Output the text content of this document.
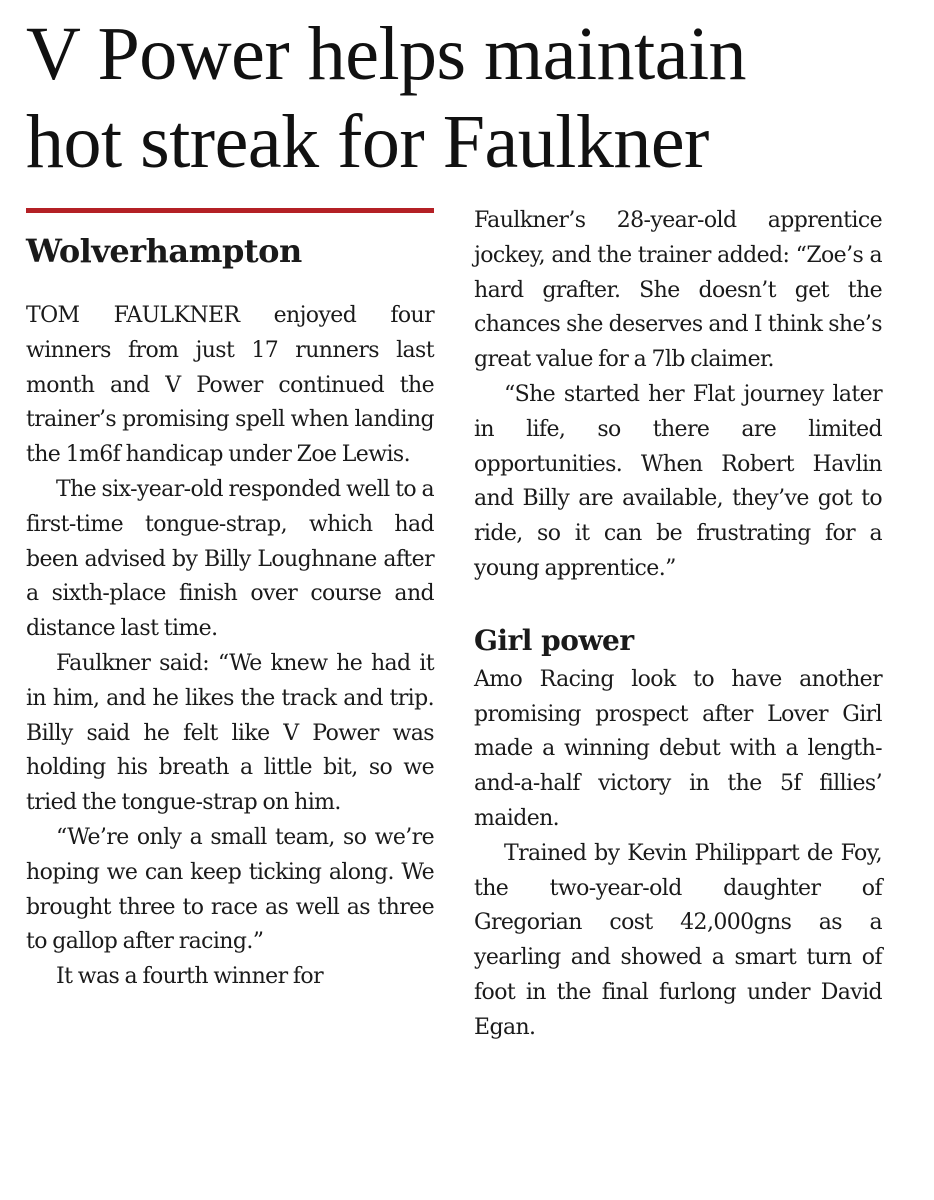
V Power helps maintain
hot streak for Faulkner
Wolverhampton

TOM FAULKNER enjoyed four winners from just 17 runners last month and V Power continued the trainer’s promising spell when landing the 1m6f handicap under Zoe Lewis.

The six-year-old responded well to a first-time tongue-strap, which had been advised by Billy Loughnane after a sixth-place finish over course and distance last time.

Faulkner said: “We knew he had it in him, and he likes the track and trip. Billy said he felt like V Power was holding his breath a little bit, so we tried the tongue-strap on him.

“We’re only a small team, so we’re hoping we can keep ticking along. We brought three to race as well as three to gallop after racing.”

It was a fourth winner for

Faulkner’s 28-year-old apprentice jockey, and the trainer added: “Zoe’s a hard grafter. She doesn’t get the chances she deserves and I think she’s great value for a 7lb claimer.

“She started her Flat journey later in life, so there are limited opportunities. When Robert Havlin and Billy are available, they’ve got to ride, so it can be frustrating for a young apprentice.”

Girl power

Amo Racing look to have another promising prospect after Lover Girl made a winning debut with a length-and-a-half victory in the 5f fillies’ maiden.

Trained by Kevin Philippart de Foy, the two-year-old daughter of Gregorian cost 42,000gns as a yearling and showed a smart turn of foot in the final furlong under David Egan.
